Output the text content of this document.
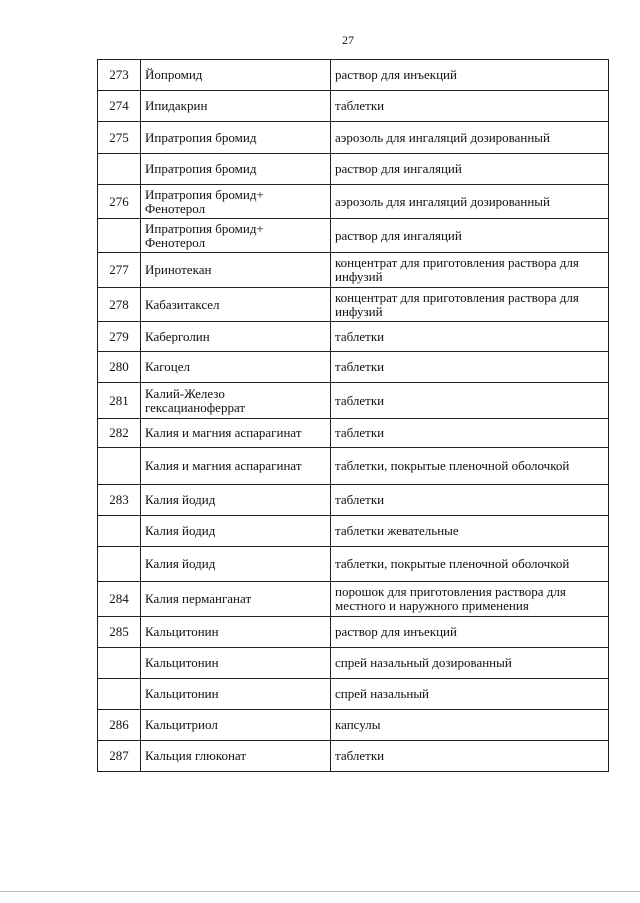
27
273	Йопромид	раствор для инъекций
274	Ипидакрин	таблетки
275	Ипратропия бромид	аэрозоль для ингаляций дозированный
	Ипратропия бромид	раствор для ингаляций
276	Ипратропия бромид+ Фенотерол	аэрозоль для ингаляций дозированный
	Ипратропия бромид+ Фенотерол	раствор для ингаляций
277	Иринотекан	концентрат для приготовления раствора для инфузий
278	Кабазитаксел	концентрат для приготовления раствора для инфузий
279	Каберголин	таблетки
280	Кагоцел	таблетки
281	Калий-Железо гексацианоферрат	таблетки
282	Калия и магния аспарагинат	таблетки
	Калия и магния аспарагинат	таблетки, покрытые пленочной оболочкой
283	Калия йодид	таблетки
	Калия йодид	таблетки жевательные
	Калия йодид	таблетки, покрытые пленочной оболочкой
284	Калия перманганат	порошок для приготовления раствора для местного и наружного применения
285	Кальцитонин	раствор для инъекций
	Кальцитонин	спрей назальный дозированный
	Кальцитонин	спрей назальный
286	Кальцитриол	капсулы
287	Кальция глюконат	таблетки
